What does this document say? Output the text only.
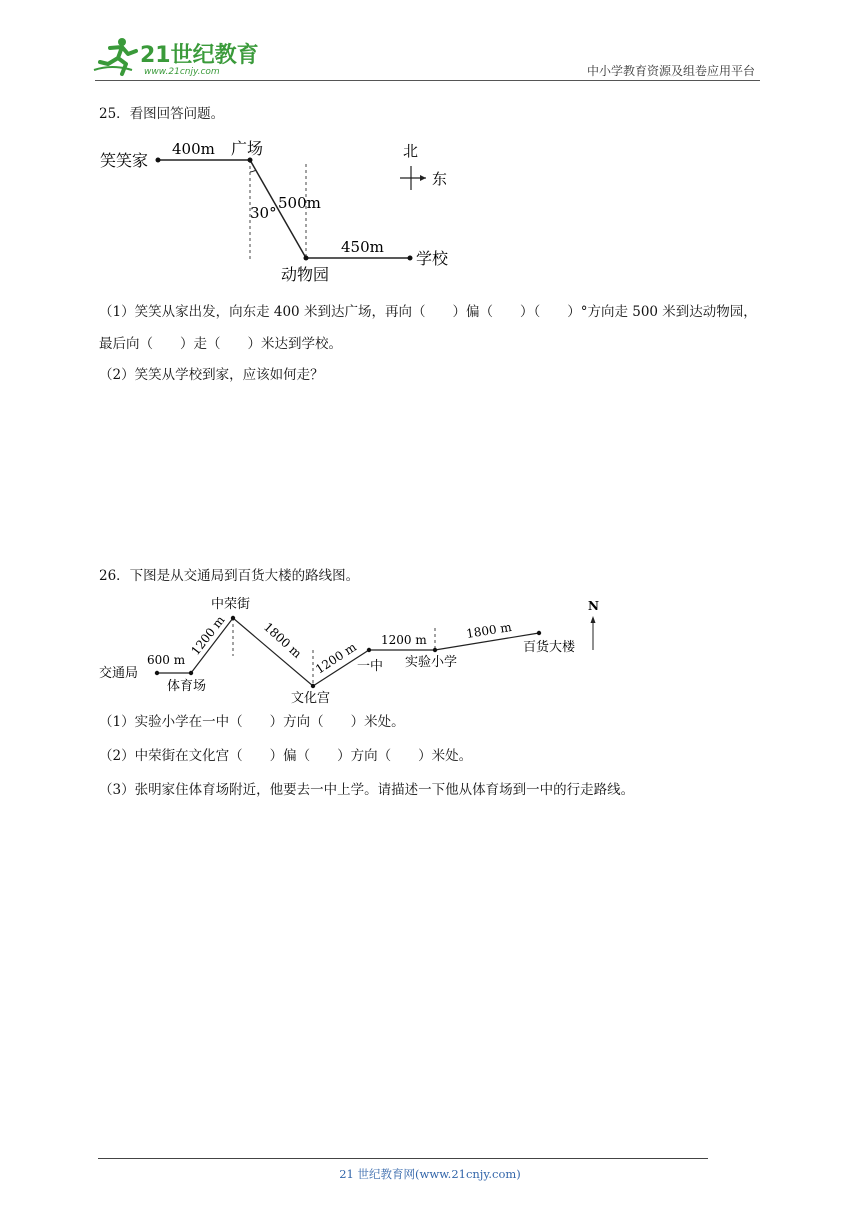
21世纪教育
www.21cnjy.com	中小学教育资源及组卷应用平台
25．看图回答问题。
笑笑家
400m 广场
500m
30°
450m
动物园
学校
北
东
（1）笑笑从家出发，向东走 400 米到达广场，再向（　　）偏（　　）（　　）°方向走 500 米到达动物园，最后向（　　）走（　　）米达到学校。
（2）笑笑从学校到家，应该如何走？
26．下图是从交通局到百货大楼的路线图。
交通局
600 m
体育场
1200 m
中荣街
1800 m
文化宫
1200 m
一中
1200 m
实验小学
1800 m
百货大楼
N
（1）实验小学在一中（　　）方向（　　）米处。
（2）中荣街在文化宫（　　）偏（　　）方向（　　）米处。
（3）张明家住体育场附近，他要去一中上学。请描述一下他从体育场到一中的行走路线。
21 世纪教育网(www.21cnjy.com)
